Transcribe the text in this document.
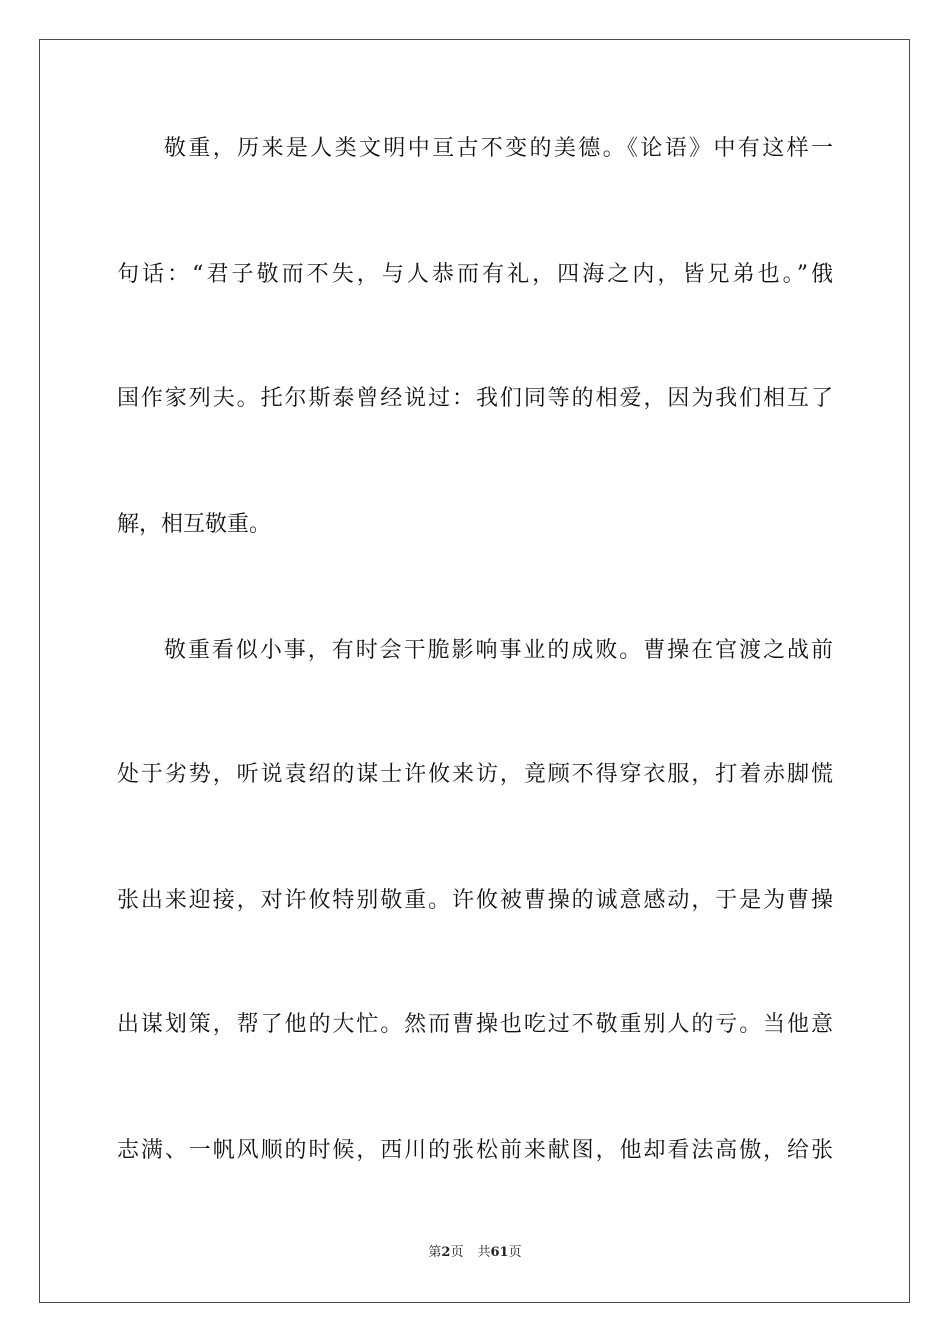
敬重，历来是人类文明中亘古不变的美德。《论语》中有这样一
句话：“君子敬而不失，与人恭而有礼，四海之内，皆兄弟也。”俄
国作家列夫。托尔斯泰曾经说过：我们同等的相爱，因为我们相互了
解，相互敬重。
敬重看似小事，有时会干脆影响事业的成败。曹操在官渡之战前
处于劣势，听说袁绍的谋士许攸来访，竟顾不得穿衣服，打着赤脚慌
张出来迎接，对许攸特别敬重。许攸被曹操的诚意感动，于是为曹操
出谋划策，帮了他的大忙。然而曹操也吃过不敬重别人的亏。当他意
志满、一帆风顺的时候，西川的张松前来献图，他却看法高傲，给张
第2页 共61页
